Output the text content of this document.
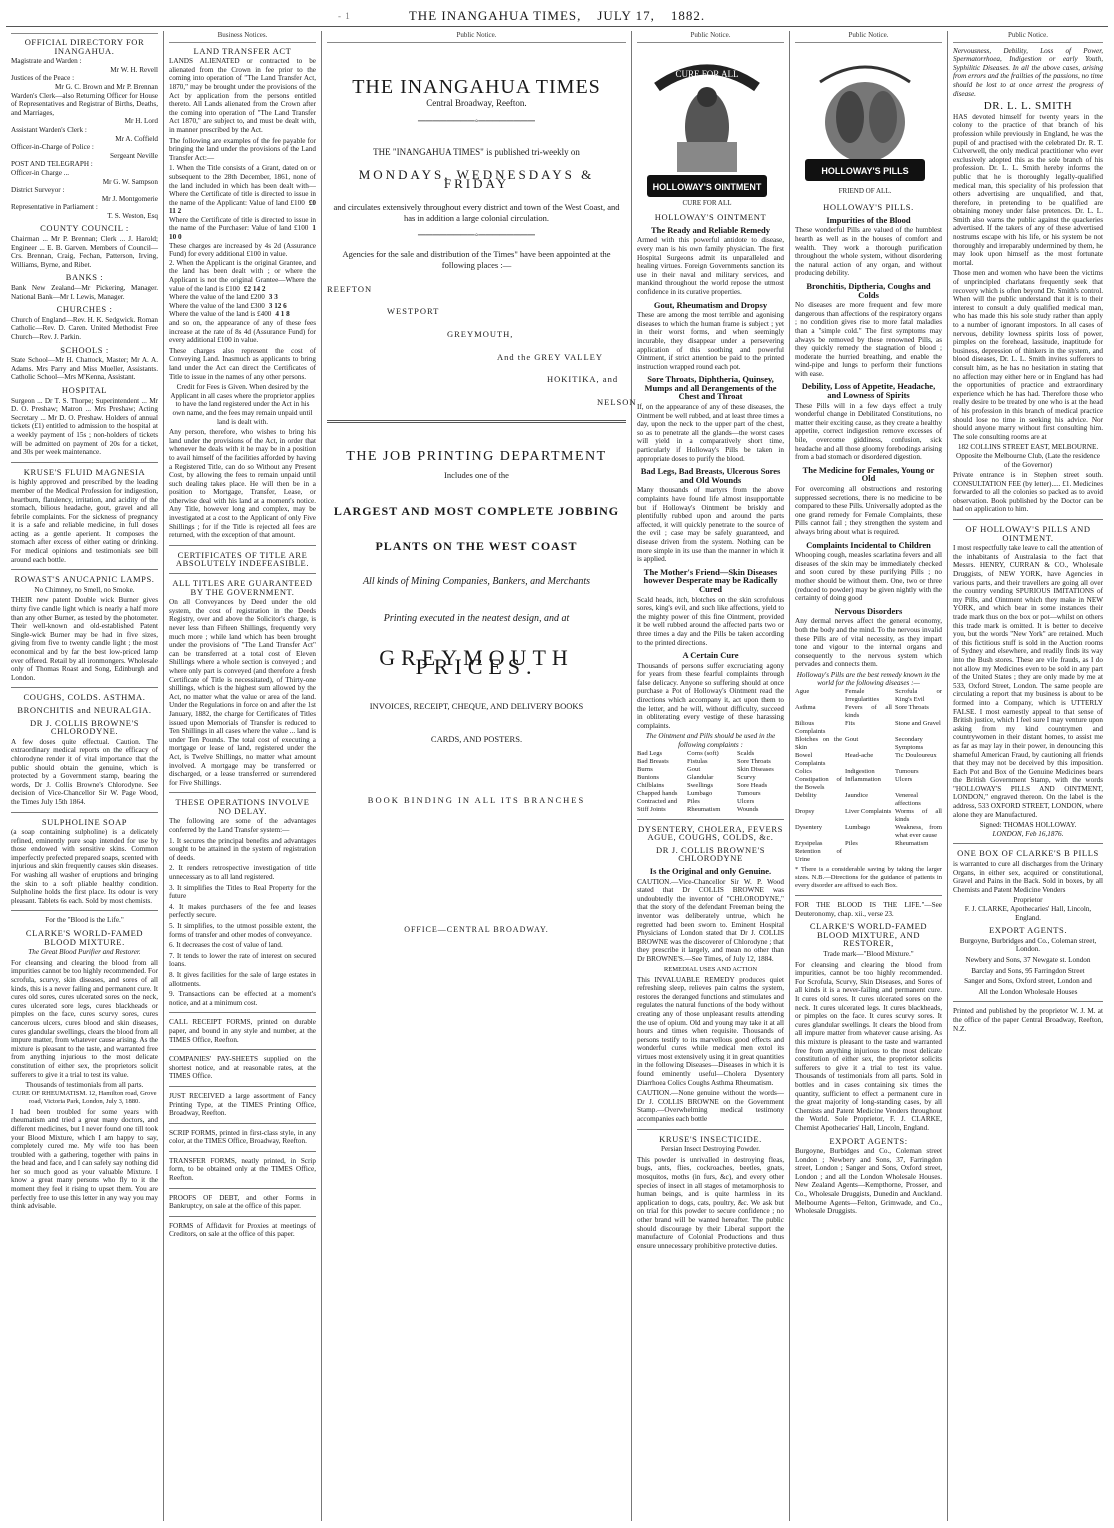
- 1	THE INANGAHUA TIMES, JULY 17, 1882.
OFFICIAL DIRECTORY FOR INANGAHUA.
Magistrate and Warden :
Mr W. H. Revell
Justices of the Peace :
Mr G. C. Brown and Mr P. Brennan
Warden's Clerk—also Returning Officer for House of Representatives and Registrar of Births, Deaths, and Marriages,
Mr H. Lord
Assistant Warden's Clerk :
Mr A. Coffield
Officer-in-Charge of Police :
Sergeant Neville
POST AND TELEGRAPH :
Officer-in Charge ...
Mr G. W. Sampson
District Surveyor :
Mr J. Montgomerie
Representative in Parliament :
T. S. Weston, Esq
COUNTY COUNCIL :

Chairman ... Mr P. Brennan; Clerk ... J. Harold; Engineer ... E. B. Garven. Members of Council—Crs. Brennan, Craig, Fechan, Patterson, Irving, Williams, Byrne, and Ribet.

BANKS :

Bank New Zealand—Mr Pickering, Manager. National Bank—Mr I. Lewis, Manager.

CHURCHES :

Church of England—Rev. H. K. Sedgwick. Roman Catholic—Rev. D. Caren. United Methodist Free Church—Rev. J. Parkin.

SCHOOLS :

State School—Mr H. Chattock, Master; Mr A. A. Adams. Mrs Parry and Miss Mueller, Assistants. Catholic School—Mrs M'Kenna, Assistant.

HOSPITAL

Surgeon ... Dr T. S. Thorpe; Superintendent ... Mr D. O. Preshaw; Matron ... Mrs Preshaw; Acting Secretary ... Mr D. O. Preshaw. Holders of annual tickets (£1) entitled to admission to the hospital at a weekly payment of 15s ; non-holders of tickets will be admitted on payment of 20s for a ticket, and 30s per week maintenance.

KRUSE'S FLUID MAGNESIA

is highly approved and prescribed by the leading member of the Medical Profession for indigestion, heartburn, flatulency, irritation, and acidity of the stomach, bilious headache, gout, gravel and all febrile complaints. For the sickness of pregnancy it is a safe and reliable medicine, in full doses acting as a gentle aperient. It composes the stomach after excess of either eating or drinking. For medical opinions and testimonials see bill around each bottle.

ROWAST'S ANUCAPNIC LAMPS.
No Chimney, no Smell, no Smoke.

THEIR new patent Double wick Burner gives thirty five candle light which is nearly a half more than any other Burner, as tested by the photometer. Their well-known and old-established Patent Single-wick Burner may be had in five sizes, giving from five to twenty candle light ; the most economical and by far the best low-priced lamp ever offered. Retail by all ironmongers. Wholesale only of Thomas Roast and Song, Edinburgh and London.

COUGHS, COLDS. ASTHMA.
BRONCHITIS and NEURALGIA.
DR J. COLLIS BROWNE'S CHLORODYNE.

A few doses quite effectual. Caution. The extraordinary medical reports on the efficacy of chlorodyne render it of vital importance that the public should obtain the genuine, which is protected by a Government stamp, bearing the words, Dr J. Collis Browne's Chlorodyne. See decision of Vice-Chancellor Sir W. Page Wood, the Times July 15th 1864.

SULPHOLINE SOAP

(a soap containing sulpholine) is a delicately refined, eminently pure soap intended for use by those endowed with sensitive skins. Common imperfectly prefected prepared soaps, scented with injurious and skin frequently causes skin diseases. For washing all washer of eruptions and bringing the skin to a soft pliable healthy condition. Sulpholine holds the first place. Its odour is very pleasant. Tablets 6s each. Sold by most chemists.

For the "Blood is the Life."
CLARKE'S WORLD-FAMED BLOOD MIXTURE.
The Great Blood Purifier and Restorer.

For cleansing and clearing the blood from all impurities cannot be too highly recommended. For scrofula, scurvy, skin diseases, and sores of all kinds, this is a never failing and permanent cure. It cures old sores, cures ulcerated sores on the neck, cures ulcerated sore legs, cures blackheads or pimples on the face, cures scurvy sores, cures cancerous ulcers, cures blood and skin diseases, cures glandular swellings, clears the blood from all impure matter, from whatever cause arising. As the mixture is pleasant to the taste, and warranted free from anything injurious to the most delicate constitution of either sex, the proprietors solicit sufferers to give it a trial to test its value.

Thousands of testimonials from all parts.
CURE OF RHEUMATISM. 12, Hamilton road, Grove road, Victoria Park, London, July 3, 1880.

I had been troubled for some years with rheumatism and tried a great many doctors, and different medicines, but I never found one till took your Blood Mixture, which I am happy to say, completely cured me. My wife too has been troubled with a gathering, together with pains in the head and face, and I can safely say nothing did her so much good as your valuable Mixture. I know a great many persons who fly to it the moment they feel it rising to upset them. You are perfectly free to use this letter in any way you may think advisable.

Business Notices.
LAND TRANSFER ACT

LANDS ALIENATED or contracted to be alienated from the Crown in fee prior to the coming into operation of "The Land Transfer Act, 1870," may be brought under the provisions of the Act by application from the persons entitled thereto. All Lands alienated from the Crown after the coming into operation of "The Land Transfer Act 1870," are subject to, and must be dealt with, in manner prescribed by the Act.

The following are examples of the fee payable for bringing the land under the provisions of the Land Transfer Act:—

1. When the Title consists of a Grant, dated on or subsequent to the 28th December, 1861, none of the land included in which has been dealt with—Where the Certificate of title is directed to issue in the name of the Applicant: Value of land £100 £0 11 2
Where the Certificate of title is directed to issue in the name of the Purchaser: Value of land £100 1 10 0
These charges are increased by 4s 2d (Assurance Fund) for every additional £100 in value.
2. When the Applicant is the original Grantee, and the land has been dealt with ; or where the Applicant is not the original Grantee—Where the value of the land is £100 £2 14 2
Where the value of the land £200 3 3
Where the value of the land £300 3 12 6
Where the value of the land is £400 4 1 8
and so on, the appearance of any of these fees increase at the rate of 8s 4d (Assurance Fund) for every additional £100 in value.

These charges also represent the cost of Conveying Land. Inasmuch as applicants to bring land under the Act can direct the Certificates of Title to issue in the names of any other persons.

Credit for Fees is Given. When desired by the Applicant in all cases where the proprietor applies to have the land registered under the Act in his own name, and the fees may remain unpaid until land is dealt with.

Any person, therefore, who wishes to bring his land under the provisions of the Act, in order that whenever he deals with it he may be in a position to avail himself of the facilities afforded by having a Registered Title, can do so Without any Present Cost, by allowing the fees to remain unpaid until such dealing takes place. He will then be in a position to Mortgage, Transfer, Lease, or otherwise deal with his land at a moment's notice. Any Title, however long and complex, may be investigated at a cost to the Applicant of only Five Shillings ; for if the Title is rejected all fees are returned, with the exception of that amount.

CERTIFICATES OF TITLE ARE ABSOLUTELY INDEFEASIBLE.
ALL TITLES ARE GUARANTEED BY THE GOVERNMENT.

On all Conveyances by Deed under the old system, the cost of registration in the Deeds Registry, over and above the Solicitor's charge, is never less than Fifteen Shillings, frequently very much more ; while land which has been brought under the provisions of "The Land Transfer Act" can be transferred at a total cost of Eleven Shillings where a whole section is conveyed ; and where only part is conveyed (and therefore a fresh Certificate of Title is necessitated), of Thirty-one shillings, which is the highest sum allowed by the Act, no matter what the value or area of the land. Under the Regulations in force on and after the 1st January, 1882, the charge for Certificates of Titles issued upon Memorials of Transfer is reduced to Ten Shillings in all cases where the value ... land is under Ten Pounds. The total cost of executing a mortgage or lease of land, registered under the Act, is Twelve Shillings, no matter what amount involved. A mortgage may be transferred or discharged, or a lease transferred or surrendered for Five Shillings.

THESE OPERATIONS INVOLVE NO DELAY.

The following are some of the advantages conferred by the Land Transfer system:—

1. It secures the principal benefits and advantages sought to be attained in the system of registration of deeds.

2. It renders retrospective investigation of title unnecessary as to all land registered.

3. It simplifies the Titles to Real Property for the future

4. It makes purchasers of the fee and leases perfectly secure.

5. It simplifies, to the utmost possible extent, the forms of transfer and other modes of conveyance.

6. It decreases the cost of value of land.

7. It tends to lower the rate of interest on secured loans.

8. It gives facilities for the sale of large estates in allotments.

9. Transactions can be effected at a moment's notice, and at a minimum cost.

CALL RECEIPT FORMS, printed on durable paper, and bound in any style and number, at the TIMES Office, Reefton.

COMPANIES' PAY-SHEETS supplied on the shortest notice, and at reasonable rates, at the TIMES Office.

JUST RECEIVED a large assortment of Fancy Printing Type, at the TIMES Printing Office, Broadway, Reefton.

SCRIP FORMS, printed in first-class style, in any color, at the TIMES Office, Broadway, Reefton.

TRANSFER FORMS, neatly printed, in Scrip form, to be obtained only at the TIMES Office, Reefton.

PROOFS OF DEBT, and other Forms in Bankruptcy, on sale at the office of this paper.

FORMS of Affidavit for Proxies at meetings of Creditors, on sale at the office of this paper.

Public Notice.
THE INANGAHUA TIMES
Central Broadway, Reefton.
────────◦────────
THE "INANGAHUA TIMES" is published tri-weekly on
MONDAYS, WEDNESDAYS & FRIDAY
and circulates extensively throughout every district and town of the West Coast, and has in addition a large colonial circulation.
────────◦────────
Agencies for the sale and distribution of the Times" have been appointed at the following places :—
REEFTON
WESTPORT
GREYMOUTH,
And the GREY VALLEY
HOKITIKA, and
NELSON
THE JOB PRINTING DEPARTMENT
Includes one of the
LARGEST AND MOST COMPLETE JOBBING
PLANTS ON THE WEST COAST
All kinds of Mining Companies, Bankers, and Merchants
Printing executed in the neatest design, and at
GREYMOUTH PRICES.
INVOICES, RECEIPT, CHEQUE, AND DELIVERY BOOKS
CARDS, AND POSTERS.
BOOK BINDING IN ALL ITS BRANCHES
OFFICE—CENTRAL BROADWAY.
Public Notice.
CURE FOR ALL
HOLLOWAY'S OINTMENT
CURE FOR ALL
HOLLOWAY'S OINTMENT
The Ready and Reliable Remedy

Armed with this powerful antidote to disease, every man is his own family physician. The first Hospital Surgeons admit its unparalleled and healing virtues. Foreign Governments sanction its use in their naval and military services, and mankind throughout the world repose the utmost confidence in its curative properties.

Gout, Rheumatism and Dropsy

These are among the most terrible and agonising diseases to which the human frame is subject ; yet in their worst forms, and when seemingly incurable, they disappear under a persevering application of this soothing and powerful Ointment, if strict attention be paid to the printed instruction wrapped round each pot.

Sore Throats, Diphtheria, Quinsey, Mumps and all Derangements of the Chest and Throat

If, on the appearance of any of these diseases, the Ointment be well rubbed, and at least three times a day, upon the neck to the upper part of the chest, so as to penetrate all the glands—the worst cases will yield in a comparatively short time, particularly if Holloway's Pills be taken in appropriate doses to purify the blood.

Bad Legs, Bad Breasts, Ulcerous Sores and Old Wounds

Many thousands of martyrs from the above complaints have found life almost insupportable but if Holloway's Ointment be briskly and plentifully rubbed upon and around the parts affected, it will quickly penetrate to the source of the evil ; case may be safely guaranteed, and disease driven from the system. Nothing can be more simple in its use than the manner in which it is applied.

The Mother's Friend—Skin Diseases however Desperate may be Radically Cured

Scald heads, itch, blotches on the skin scrofulous sores, king's evil, and such like affections, yield to the mighty power of this fine Ointment, provided it be well rubbed around the affected parts two or three times a day and the Pills be taken according to the printed directions.

A Certain Cure

Thousands of persons suffer excruciating agony for years from these fearful complaints through false delicacy. Anyone so suffering should at once purchase a Pot of Holloway's Ointment read the directions which accompany it, act upon them to the letter, and he will, without difficulty, succeed in obliterating every vestige of these harassing complaints.

The Ointment and Pills should be used in the following complaints :
Bad Legs	Corns (soft)	Scalds
Bad Breasts	Fistulas	Sore Throats
Burns	Gout	Skin Diseases
Bunions	Glandular	Scurvy
Chilblains	Swellings	Sore Heads
Chapped hands	Lumbago	Tumours
Contracted and	Piles	Ulcers
Stiff Joints	Rheumatism	Wounds
DYSENTERY, CHOLERA, FEVERS AGUE, COUGHS, COLDS, &c.
DR J. COLLIS BROWNE'S CHLORODYNE
Is the Original and only Genuine.

CAUTION.—Vice-Chancellor Sir W. P. Wood stated that Dr COLLIS BROWNE was undoubtedly the inventor of "CHLORODYNE," that the story of the defendant Freeman being the inventor was deliberately untrue, which he regretted had been sworn to. Eminent Hospital Physicians of London stated that Dr J. COLLIS BROWNE was the discoverer of Chlorodyne ; that they prescribe it largely, and mean no other than Dr BROWNE'S.—See Times, of July 12, 1884.

REMEDIAL USES AND ACTION

This INVALUABLE REMEDY produces quiet refreshing sleep, relieves pain calms the system, restores the deranged functions and stimulates and regulates the natural functions of the body without creating any of those unpleasant results attending the use of opium. Old and young may take it at all hours and times when requisite. Thousands of persons testify to its marvellous good effects and wonderful cures while medical men extol its virtues most extensively using it in great quantities in the following Diseases—Diseases in which it is found eminently useful—Cholera Dysentery Diarrhoea Colics Coughs Asthma Rheumatism.

CAUTION.—None genuine without the words—Dr J. COLLIS BROWNE on the Government Stamp.—Overwhelming medical testimony accompanies each bottle

KRUSE'S INSECTICIDE.
Persian Insect Destroying Powder.

This powder is unrivalled in destroying fleas, bugs, ants, flies, cockroaches, beetles, gnats, mosquitos, moths (in furs, &c), and every other species of insect in all stages of metamorphosis to human beings, and is quite harmless in its application to dogs, cats, poultry, &c. We ask but on trial for this powder to secure confidence ; no other brand will be wanted hereafter. The public should discourage by their Liberal support the manufacture of Colonial Productions and thus ensure unnecessary prohibitive protective duties.

Public Notice.
HOLLOWAY'S PILLS
FRIEND OF ALL.
HOLLOWAY'S PILLS.
Impurities of the Blood

These wonderful Pills are valued of the humblest hearth as well as in the houses of comfort and wealth. They work a thorough purification throughout the whole system, without disordering the natural action of any organ, and without producing debility.

Bronchitis, Diptheria, Coughs and Colds

No diseases are more frequent and few more dangerous than affections of the respiratory organs ; no condition gives rise to more fatal maladies than a "simple cold." The first symptoms may always be removed by these renowned Pills, as they quickly remedy the stagnation of blood ; moderate the hurried breathing, and enable the wind-pipe and lungs to perform their functions with ease.

Debility, Loss of Appetite, Headache, and Lowness of Spirits

These Pills will in a few days effect a truly wonderful change in Debilitated Constitutions, no matter their exciting cause, as they create a healthy appetite, correct indigestion remove excesses of bile, overcome giddiness, confusion, sick headache and all those gloomy forebodings arising from a bad stomach or disordered digestion.

The Medicine for Females, Young or Old

For overcoming all obstructions and restoring suppressed secretions, there is no medicine to be compared to these Pills. Universally adopted as the one grand remedy for Female Complaints, these Pills cannot fail ; they strengthen the system and always bring about what is required.

Complaints Incidental to Children

Whooping cough, measles scarlatina fevers and all diseases of the skin may be immediately checked and soon cured by these purifying Pills ; no mother should be without them. One, two or three (reduced to powder) may be given nightly with the certainty of doing good

Nervous Disorders

Any dermal nerves affect the general economy, both the body and the mind. To the nervous invalid these Pills are of vital necessity, as they impart tone and vigour to the internal organs and consequently to the nervous system which pervades and connects them.

Holloway's Pills are the best remedy known in the world for the following diseases :—
Ague	Female Irregularities
Scrofula or King's Evil
Asthma	Fevers of all kinds
Sore Throats
Bilious Complaints
Fits	Stone and Gravel
Blotches on the Skin
Gout	Secondary Symptoms
Bowel Complaints
Head-ache	Tic Douloureux
Colics	Indigestion	Tumours
Constipation of the Bowels
Inflammation	Ulcers
Debility	Jaundice	Venereal affections
Dropsy	Liver Complaints Worms of all kinds
Dysentery	Lumbago	Weakness, from what ever cause
Erysipelas	Piles	Rheumatism
Retention of Urine

* There is a considerable saving by taking the larger sizes. N.B.—Directions for the guidance of patients in every disorder are affixed to each Box.

FOR THE BLOOD IS THE LIFE."—See Deuteronomy, chap. xii., verse 23.

CLARKE'S WORLD-FAMED BLOOD MIXTURE, AND RESTORER,
Trade mark—"Blood Mixture."

For cleansing and clearing the blood from impurities, cannot be too highly recommended. For Scrofula, Scurvy, Skin Diseases, and Sores of all kinds it is a never-failing and permanent cure. It cures old sores. It cures ulcerated sores on the neck. It cures ulcerated legs. It cures blackheads, or pimples on the face. It cures scurvy sores. It cures glandular swellings. It clears the blood from all impure matter from whatever cause arising. As this mixture is pleasant to the taste and warranted free from anything injurious to the most delicate constitution of either sex, the proprietor solicits sufferers to give it a trial to test its value. Thousands of testimonials from all parts. Sold in bottles and in cases containing six times the quantity, sufficient to effect a permanent cure in the great majority of long-standing cases, by all Chemists and Patent Medicine Venders throughout the World. Sole Proprietor, F. J. CLARKE, Chemist Apothecaries' Hall, Lincoln, England.

EXPORT AGENTS:

Burgoyne, Burbidges and Co., Coleman street London ; Newbery and Sons, 37, Farringdon street, London ; Sanger and Sons, Oxford street, London ; and all the London Wholesale Houses. New Zealand Agents—Kempthorne, Prosser, and Co., Wholesale Druggists, Dunedin and Auckland. Melbourne Agents—Felton, Grimwade, and Co., Wholesale Druggists.

Public Notice.

Nervousness, Debility, Loss of Power, Spermatorrhoea, Indigestion or early Youth, Syphilitic Diseases. In all the above cases, arising from errors and the frailties of the passions, no time should be lost to at once arrest the progress of disease.

DR. L. L. SMITH

HAS devoted himself for twenty years in the colony to the practice of that branch of his profession while previously in England, he was the pupil of and practised with the celebrated Dr. R. T. Culverwell, the only medical practitioner who ever exclusively adopted this as the sole branch of his profession. Dr. L. L. Smith hereby informs the public that he is thoroughly legally-qualified medical man, this speciality of his profession that others advertising are unqualified, and that, therefore, in pretending to be qualified are obtaining money under false pretences. Dr. L. L. Smith also warns the public against the quackeries advertised. If the takers of any of these advertised nostrums escape with his life, or his system be not thoroughly and irreparably undermined by them, he may look upon himself as the most fortunate mortal.

Those men and women who have been the victims of unprincipled charlatans frequently seek that recovery which is often beyond Dr. Smith's control. When will the public understand that it is to their interest to consult a duly qualified medical man, who has made this his sole study rather than apply to a number of ignorant impostors. In all cases of nervous, debility lowness spirits loss of power, pimples on the forehead, lassitude, inaptitude for business, depression of thinkers in the system, and blood diseases, Dr. L. L. Smith invites sufferers to consult him, as he has no hesitation in stating that no affection may either here or in England has had the opportunities of practice and extraordinary experience which he has had. Therefore those who really desire to be treated by one who is at the head of his profession in this branch of medical practice should lose no time in seeking his advice. Nor should anyone marry without first consulting him. The sole consulting rooms are at

182 COLLINS STREET EAST, MELBOURNE. Opposite the Melbourne Club, (Late the residence of the Governor)

Private entrance is in Stephen street south. CONSULTATION FEE (by letter)..... £1. Medicines forwarded to all the colonies so packed as to avoid observation. Book published by the Doctor can be had on application to him.

OF HOLLOWAY'S PILLS AND OINTMENT.

I most respectfully take leave to call the attention of the inhabitants of Australasia to the fact that Messrs. HENRY, CURRAN & CO., Wholesale Druggists, of NEW YORK, have Agencies in various parts, and their travellers are going all over the country vending SPURIOUS IMITATIONS of my Pills, and Ointment which they make in NEW YORK, and which bear in some instances their trade mark thus on the box or pot—whilst on others this trade mark is omitted. It is better to deceive you, but the words "New York" are retained. Much of this fictitious stuff is sold in the Auction rooms of Sydney and elsewhere, and readily finds its way into the Bush stores. These are vile frauds, as I do not allow my Medicines even to be sold in any part of the United States ; they are only made by me at 533, Oxford Street, London. The same people are circulating a report that my business is about to be formed into a Company, which is UTTERLY FALSE. I most earnestly appeal to that sense of British justice, which I feel sure I may venture upon asking from my kind countrymen and countrywomen in their distant homes, to assist me as far as may lay in their power, in denouncing this shameful American Fraud, by cautioning all friends that they may not be deceived by this imposition. Each Pot and Box of the Genuine Medicines bears the British Government Stamp, with the words "HOLLOWAY'S PILLS AND OINTMENT, LONDON," engraved thereon. On the label is the address, 533 OXFORD STREET, LONDON, where alone they are Manufactured.

Signed: THOMAS HOLLOWAY.
LONDON, Feb 16,1876.
ONE BOX OF CLARKE'S B PILLS

is warranted to cure all discharges from the Urinary Organs, in either sex, acquired or constitutional, Gravel and Pains in the Back. Sold in boxes, by all Chemists and Patent Medicine Venders

Proprietor
F. J. CLARKE, Apothecaries' Hall, Lincoln, England.
EXPORT AGENTS.

Burgoyne, Burbridges and Co., Coleman street, London.

Newbery and Sons, 37 Newgate st. London

Barclay and Sons, 95 Farringdon Street

Sanger and Sons, Oxford street, London and

All the London Wholesale Houses

Printed and published by the proprietor W. J. M. at the office of the paper Central Broadway, Reefton, N.Z.
